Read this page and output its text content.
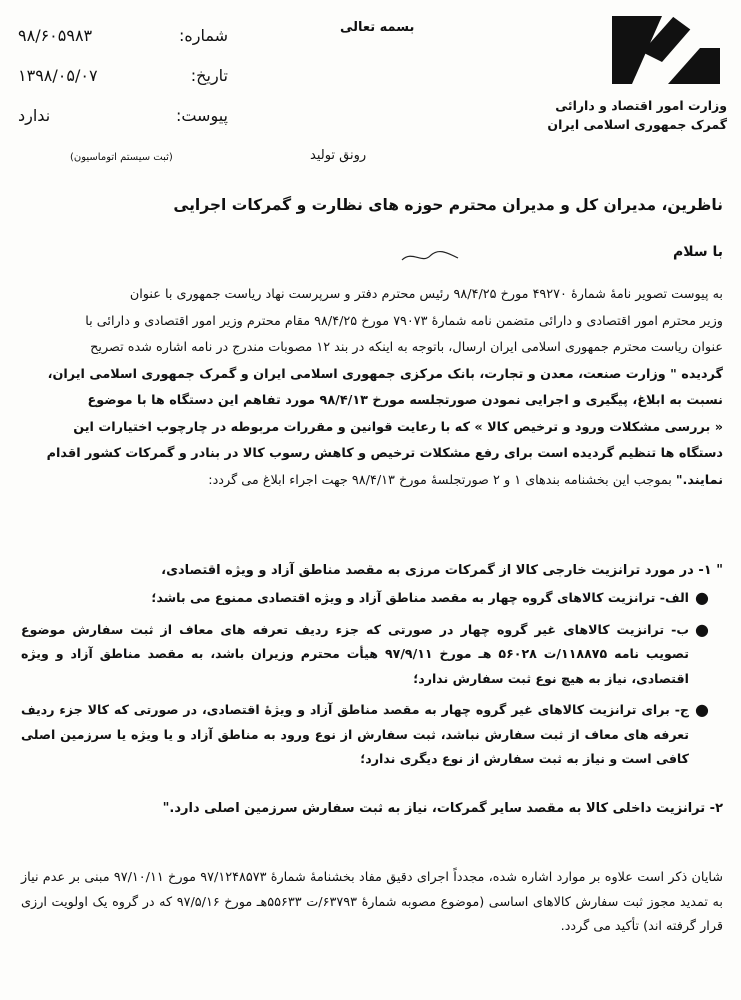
وزارت امور اقتصاد و دارائی
گمرک جمهوری اسلامی ایران
بسمه تعالی
شماره:
۹۸/۶۰۵۹۸۳
تاریخ:
۱۳۹۸/۰۵/۰۷
پیوست:
ندارد
(ثبت سیستم اتوماسیون)	رونق تولید
ناظرین، مدیران کل و مدیران محترم حوزه های نظارت و گمرکات اجرایی
با سلام
به پیوست تصویر نامهٔ شمارهٔ ۴۹۲۷۰ مورخ ۹۸/۴/۲۵ رئیس محترم دفتر و سرپرست نهاد ریاست جمهوری با عنوان
وزیر محترم امور اقتصادی و دارائی متضمن نامه شمارهٔ ۷۹۰۷۳ مورخ ۹۸/۴/۲۵ مقام محترم وزیر امور اقتصادی و دارائی با
عنوان ریاست محترم جمهوری اسلامی ایران ارسال، باتوجه به اینکه در بند ۱۲ مصوبات مندرج در نامه اشاره شده تصریح
گردیده " وزارت صنعت، معدن و تجارت، بانک مرکزی جمهوری اسلامی ایران و گمرک جمهوری اسلامی ایران،
نسبت به ابلاغ، پیگیری و اجرایی نمودن صورتجلسه مورخ ۹۸/۴/۱۳ مورد تفاهم این دستگاه ها با موضوع
« بررسی مشکلات ورود و ترخیص کالا » که با رعایت قوانین و مقررات مربوطه در چارچوب اختیارات این
دستگاه ها تنظیم گردیده است برای رفع مشکلات ترخیص و کاهش رسوب کالا در بنادر و گمرکات کشور اقدام
نمایند." بموجب این بخشنامه بندهای ۱ و ۲ صورتجلسهٔ مورخ ۹۸/۴/۱۳ جهت اجراء ابلاغ می گردد:
" ۱- در مورد ترانزیت خارجی کالا از گمرکات مرزی به مقصد مناطق آزاد و ویژه اقتصادی،
●
الف- ترانزیت کالاهای گروه چهار به مقصد مناطق آزاد و ویژه اقتصادی ممنوع می باشد؛
●
ب- ترانزیت کالاهای غیر گروه چهار در صورتی که جزء ردیف تعرفه های معاف از ثبت سفارش موضوع تصویب نامه ۱۱۸۸۷۵/ت ۵۶۰۲۸ هـ مورخ ۹۷/۹/۱۱ هیأت محترم وزیران باشد، به مقصد مناطق آزاد و ویژه اقتصادی، نیاز به هیچ نوع ثبت سفارش ندارد؛
●
ج- برای ترانزیت کالاهای غیر گروه چهار به مقصد مناطق آزاد و ویژهٔ اقتصادی، در صورتی که کالا جزء ردیف تعرفه های معاف از ثبت سفارش نباشد، ثبت سفارش از نوع ورود به مناطق آزاد و یا ویژه یا سرزمین اصلی کافی است و نیاز به ثبت سفارش از نوع دیگری ندارد؛
۲- ترانزیت داخلی کالا به مقصد سایر گمرکات، نیاز به ثبت سفارش سرزمین اصلی دارد."
شایان ذکر است علاوه بر موارد اشاره شده، مجدداً اجرای دقیق مفاد بخشنامهٔ شمارهٔ ۹۷/۱۲۴۸۵۷۳ مورخ ۹۷/۱۰/۱۱ مبنی بر عدم نیاز به تمدید مجوز ثبت سفارش کالاهای اساسی (موضوع مصوبه شمارهٔ ۶۳۷۹۳/ت ۵۵۶۳۳هـ مورخ ۹۷/۵/۱۶ که در گروه یک اولویت ارزی قرار گرفته اند) تأکید می گردد.
